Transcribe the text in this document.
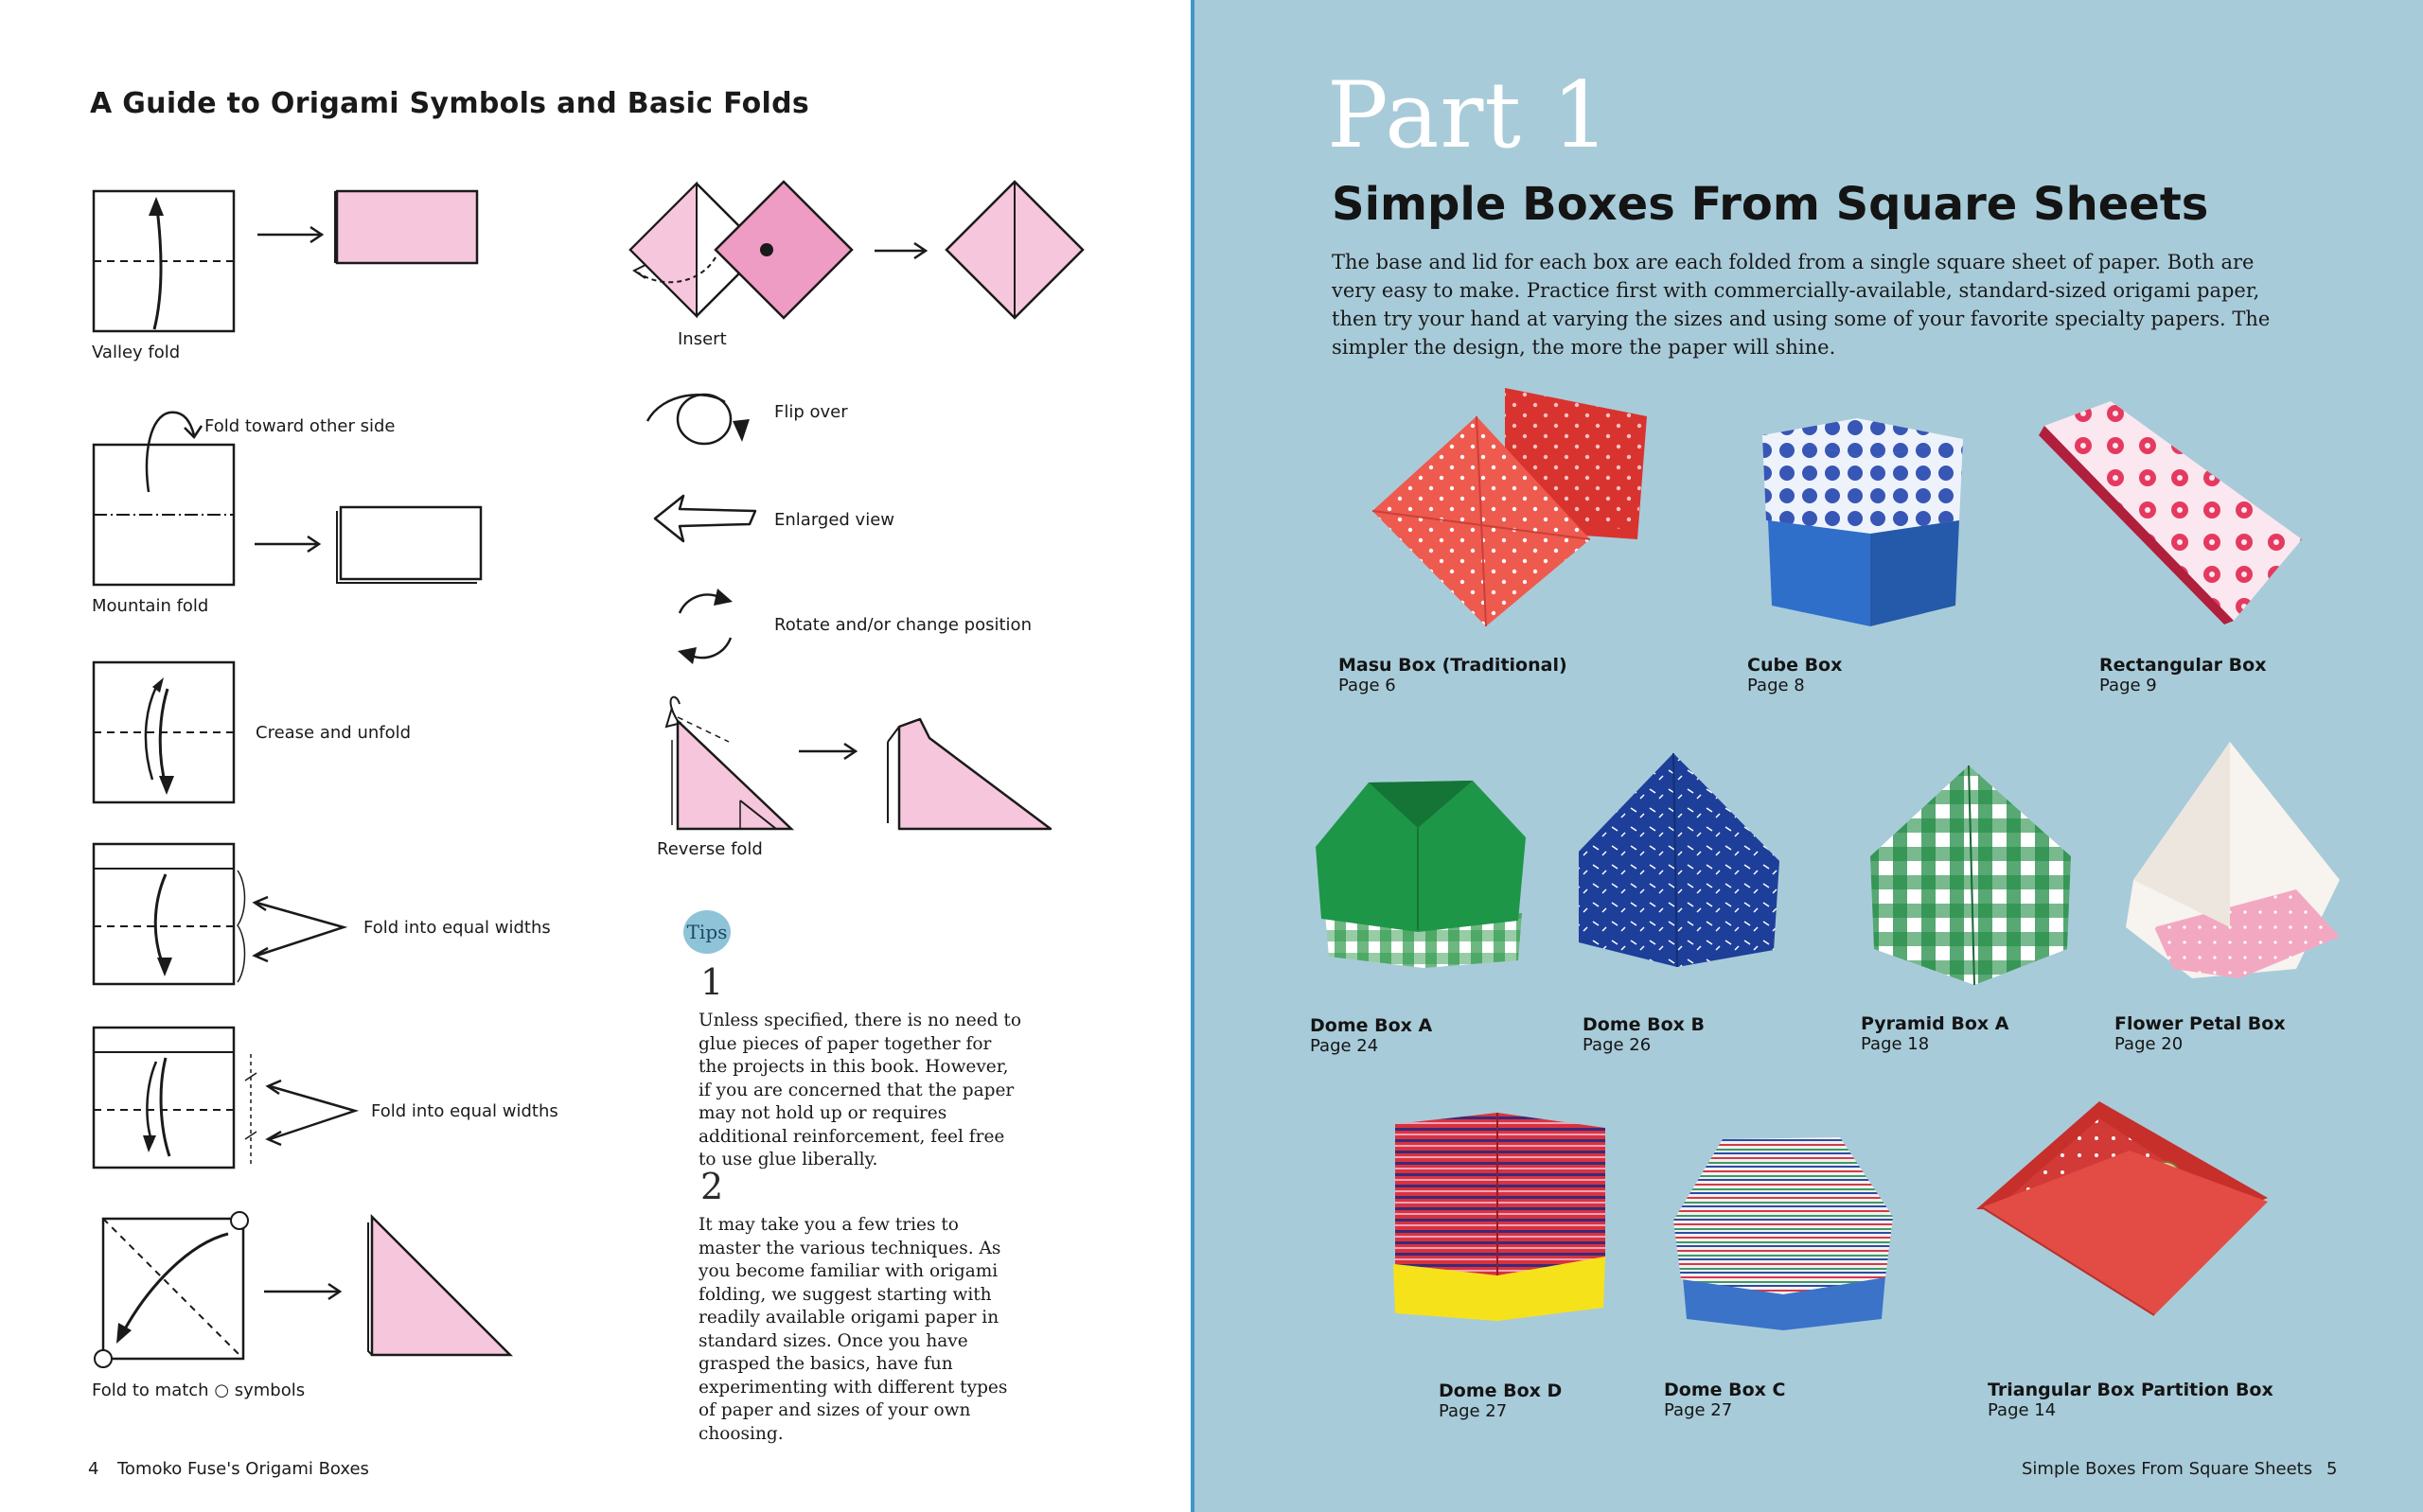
A Guide to Origami Symbols and Basic Folds
Valley fold
Fold toward other side
Mountain fold
Crease and unfold
Fold into equal widths
Fold into equal widths
Fold to match ○ symbols
Insert
Flip over
Enlarged view
Rotate and/or change position
Reverse fold
Tips
1
Unless specified, there is no need to glue pieces of paper together for the projects in this book. However, if you are concerned that the paper may not hold up or requires additional reinforcement, feel free to use glue liberally.
2
It may take you a few tries to master the various techniques. As you become familiar with origami folding, we suggest starting with readily available origami paper in standard sizes. Once you have grasped the basics, have fun experimenting with different types of paper and sizes of your own choosing.
4 Tomoko Fuse's Origami Boxes
Part 1
Simple Boxes From Square Sheets
The base and lid for each box are each folded from a single square sheet of paper. Both are very easy to make. Practice first with commercially-available, standard-sized origami paper, then try your hand at varying the sizes and using some of your favorite specialty papers. The simpler the design, the more the paper will shine.
Masu Box (Traditional)
Page 6
Cube Box
Page 8
Rectangular Box
Page 9
Dome Box A
Page 24
Dome Box B
Page 26
Pyramid Box A
Page 18
Flower Petal Box
Page 20
Dome Box D
Page 27
Dome Box C
Page 27
Triangular Box Partition Box
Page 14
Simple Boxes From Square Sheets 5
